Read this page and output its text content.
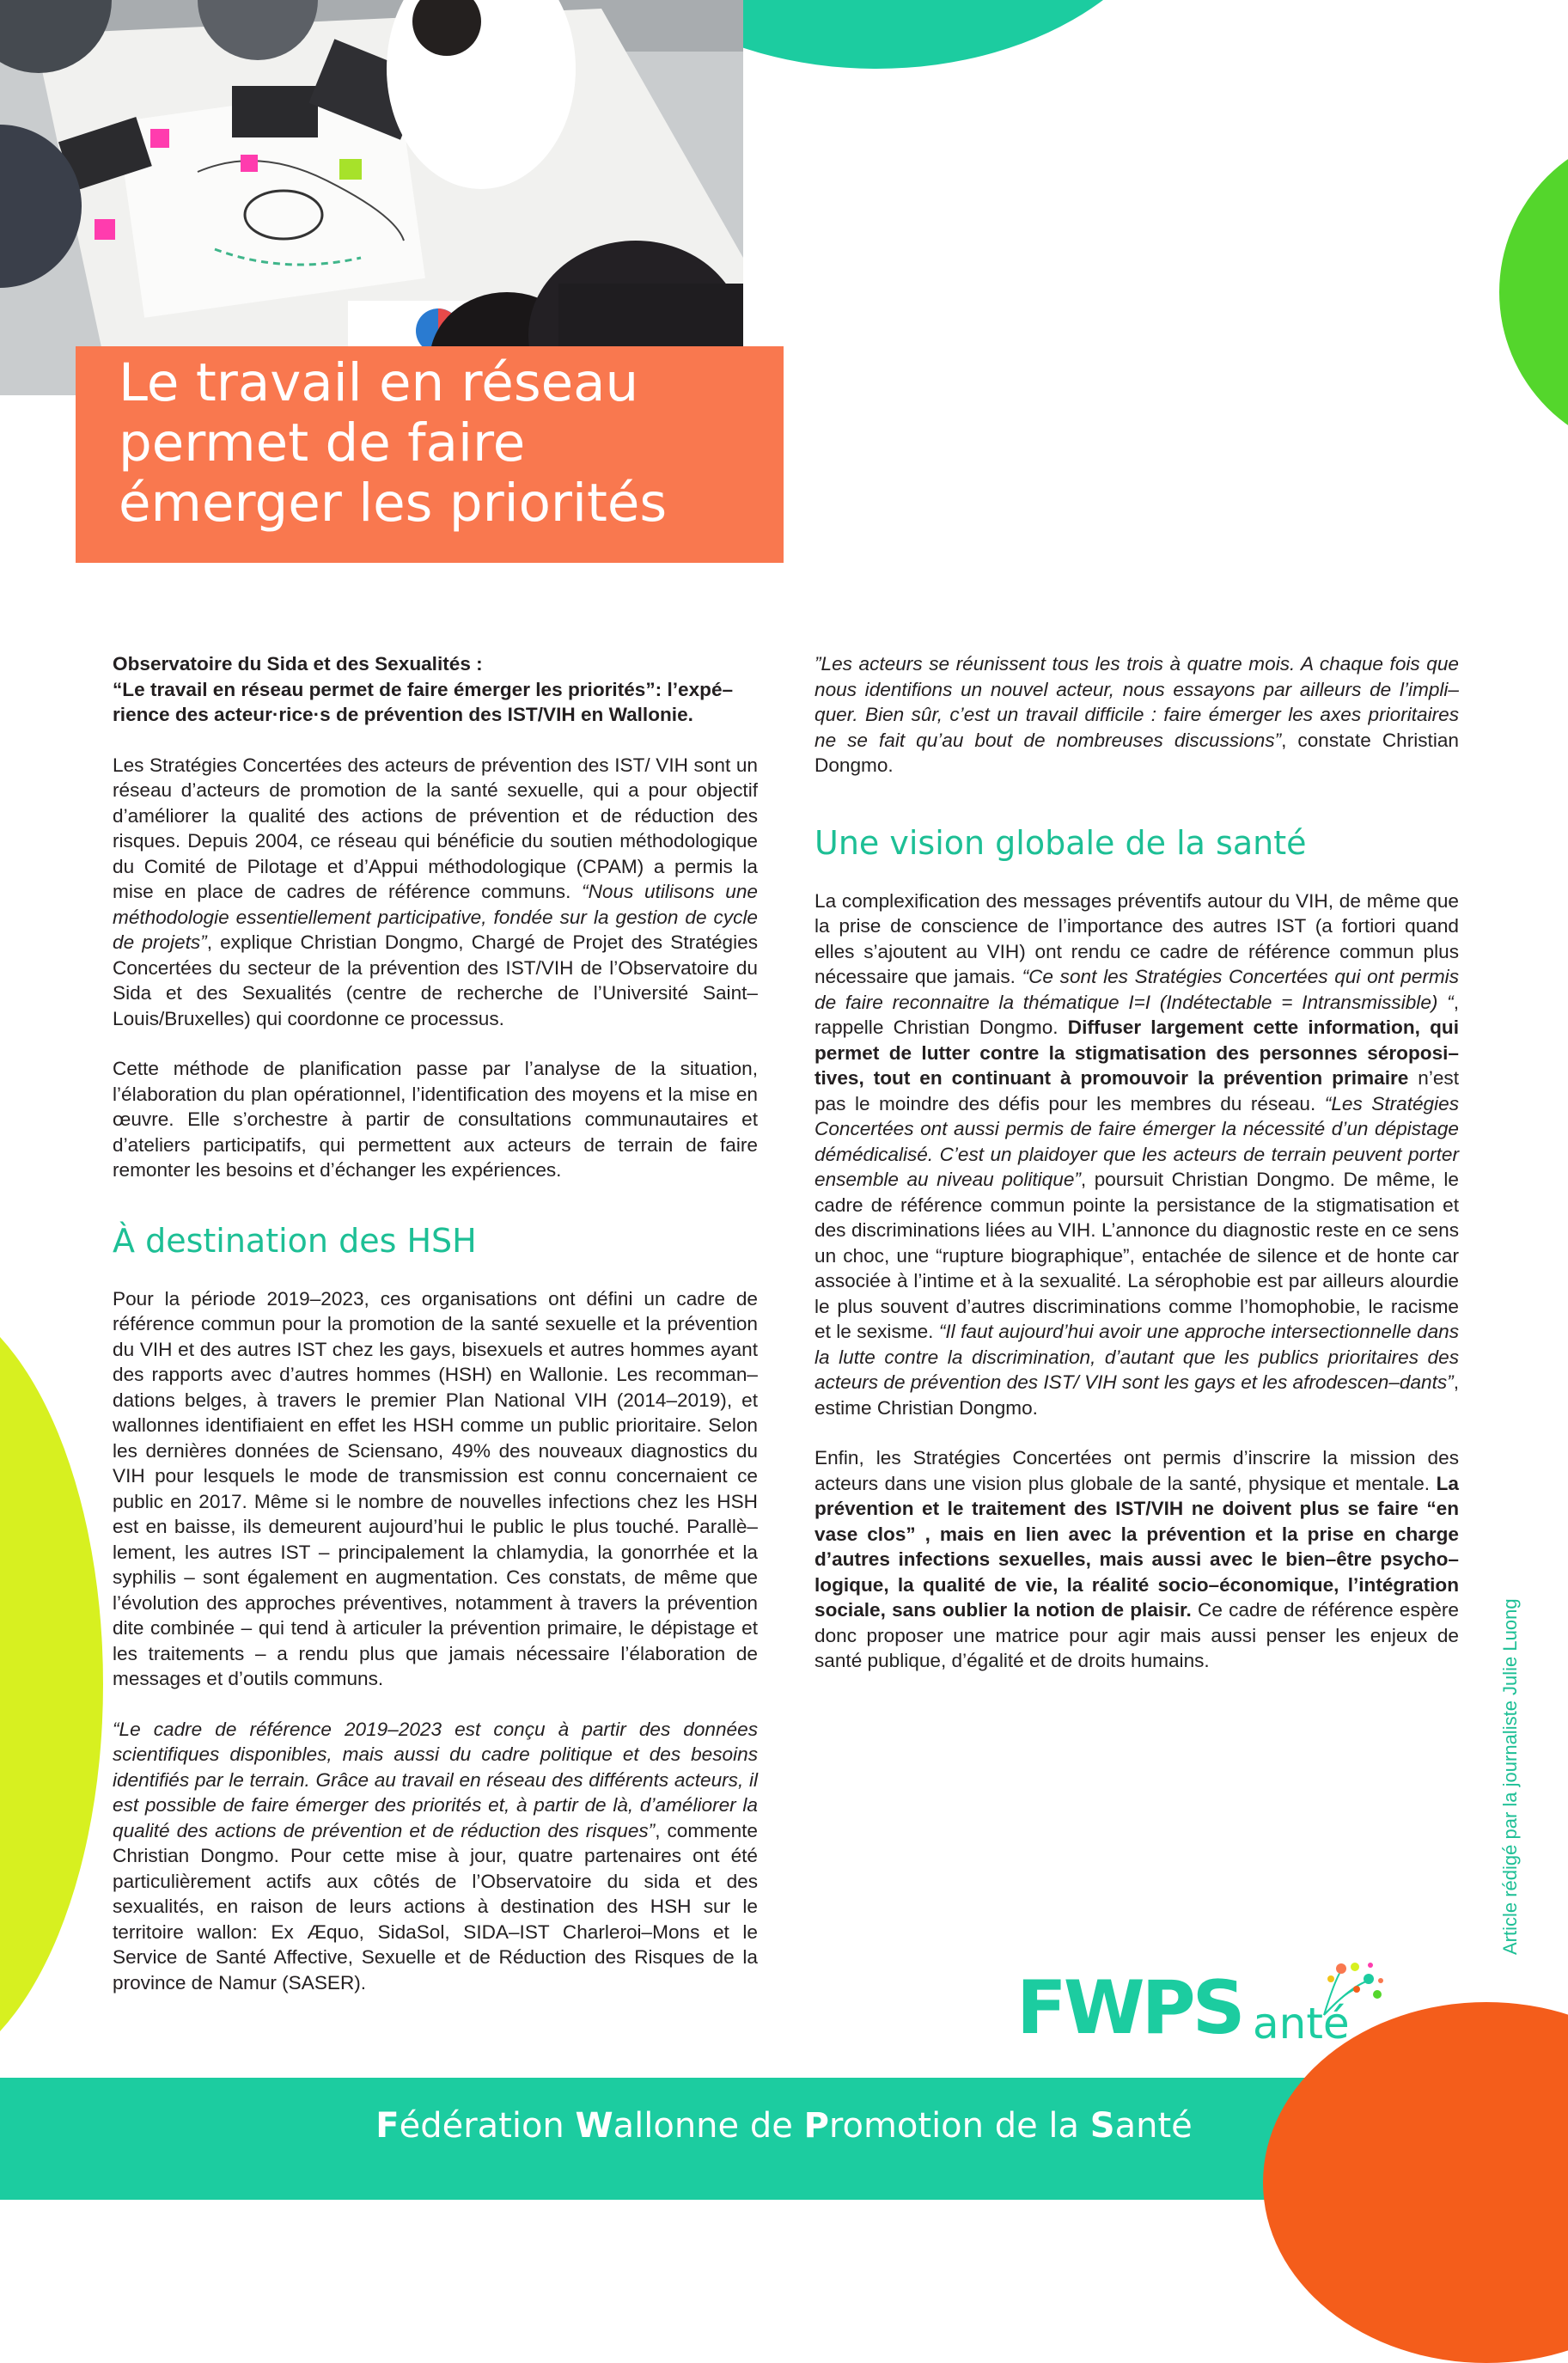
Le travail en réseau
permet de faire
émerger les priorités

Observatoire du Sida et des Sexualités :
“Le travail en réseau permet de faire émerger les priorités”: l’expé–rience des acteur·rice·s de prévention des IST/VIH en Wallonie.

Les Stratégies Concertées des acteurs de prévention des IST/ VIH sont un réseau d’acteurs de promotion de la santé sexuelle, qui a pour objectif d’améliorer la qualité des actions de prévention et de réduction des risques. Depuis 2004, ce réseau qui bénéficie du soutien méthodologique du Comité de Pilotage et d’Appui méthodologique (CPAM) a permis la mise en place de cadres de référence communs. “Nous utilisons une méthodologie essentiellement participative, fondée sur la gestion de cycle de projets”, explique Christian Dongmo, Chargé de Projet des Stratégies Concertées du secteur de la prévention des IST/VIH de l’Observatoire du Sida et des Sexualités (centre de recherche de l’Université Saint–Louis/Bruxelles) qui coordonne ce processus.

Cette méthode de planification passe par l’analyse de la situation, l’élaboration du plan opérationnel, l’identification des moyens et la mise en œuvre. Elle s’orchestre à partir de consultations communautaires et d’ateliers participatifs, qui permettent aux acteurs de terrain de faire remonter les besoins et d’échanger les expériences.

À destination des HSH

Pour la période 2019–2023, ces organisations ont défini un cadre de référence commun pour la promotion de la santé sexuelle et la prévention du VIH et des autres IST chez les gays, bisexuels et autres hommes ayant des rapports avec d’autres hommes (HSH) en Wallonie. Les recomman–dations belges, à travers le premier Plan National VIH (2014–2019), et wallonnes identifiaient en effet les HSH comme un public prioritaire. Selon les dernières données de Sciensano, 49% des nouveaux diagnostics du VIH pour lesquels le mode de transmission est connu concernaient ce public en 2017. Même si le nombre de nouvelles infections chez les HSH est en baisse, ils demeurent aujourd’hui le public le plus touché. Parallè–lement, les autres IST – principalement la chlamydia, la gonorrhée et la syphilis – sont également en augmentation. Ces constats, de même que l’évolution des approches préventives, notamment à travers la prévention dite combinée – qui tend à articuler la prévention primaire, le dépistage et les traitements – a rendu plus que jamais nécessaire l’élaboration de messages et d’outils communs.

“Le cadre de référence 2019–2023 est conçu à partir des données scientifiques disponibles, mais aussi du cadre politique et des besoins identifiés par le terrain. Grâce au travail en réseau des différents acteurs, il est possible de faire émerger des priorités et, à partir de là, d’améliorer la qualité des actions de prévention et de réduction des risques”, commente Christian Dongmo. Pour cette mise à jour, quatre partenaires ont été particulièrement actifs aux côtés de l’Observatoire du sida et des sexualités, en raison de leurs actions à destination des HSH sur le territoire wallon: Ex Æquo, SidaSol, SIDA–IST Charleroi–Mons et le Service de Santé Affective, Sexuelle et de Réduction des Risques de la province de Namur (SASER).

”Les acteurs se réunissent tous les trois à quatre mois. A chaque fois que nous identifions un nouvel acteur, nous essayons par ailleurs de l’impli–quer. Bien sûr, c’est un travail difficile : faire émerger les axes prioritaires ne se fait qu’au bout de nombreuses discussions”, constate Christian Dongmo.

Une vision globale de la santé

La complexification des messages préventifs autour du VIH, de même que la prise de conscience de l’importance des autres IST (a fortiori quand elles s’ajoutent au VIH) ont rendu ce cadre de référence commun plus nécessaire que jamais. “Ce sont les Stratégies Concertées qui ont permis de faire reconnaitre la thématique I=I (Indétectable = Intransmissible) “, rappelle Christian Dongmo. Diffuser largement cette information, qui permet de lutter contre la stigmatisation des personnes séroposi–tives, tout en continuant à promouvoir la prévention primaire n’est pas le moindre des défis pour les membres du réseau. “Les Stratégies Concertées ont aussi permis de faire émerger la nécessité d’un dépistage démédicalisé. C’est un plaidoyer que les acteurs de terrain peuvent porter ensemble au niveau politique”, poursuit Christian Dongmo. De même, le cadre de référence commun pointe la persistance de la stigmatisation et des discriminations liées au VIH. L’annonce du diagnostic reste en ce sens un choc, une “rupture biographique”, entachée de silence et de honte car associée à l’intime et à la sexualité. La sérophobie est par ailleurs alourdie le plus souvent d’autres discriminations comme l’homophobie, le racisme et le sexisme. “Il faut aujourd’hui avoir une approche intersectionnelle dans la lutte contre la discrimination, d’autant que les publics prioritaires des acteurs de prévention des IST/ VIH sont les gays et les afrodescen–dants”, estime Christian Dongmo.

Enfin, les Stratégies Concertées ont permis d’inscrire la mission des acteurs dans une vision plus globale de la santé, physique et mentale. La prévention et le traitement des IST/VIH ne doivent plus se faire “en vase clos” , mais en lien avec la prévention et la prise en charge d’autres infections sexuelles, mais aussi avec le bien–être psycho–logique, la qualité de vie, la réalité socio–économique, l’intégration sociale, sans oublier la notion de plaisir. Ce cadre de référence espère donc proposer une matrice pour agir mais aussi penser les enjeux de santé publique, d’égalité et de droits humains.	Article rédigé par la journaliste Julie Luong
FWPS anté
Fédération Wallonne de Promotion de la Santé
